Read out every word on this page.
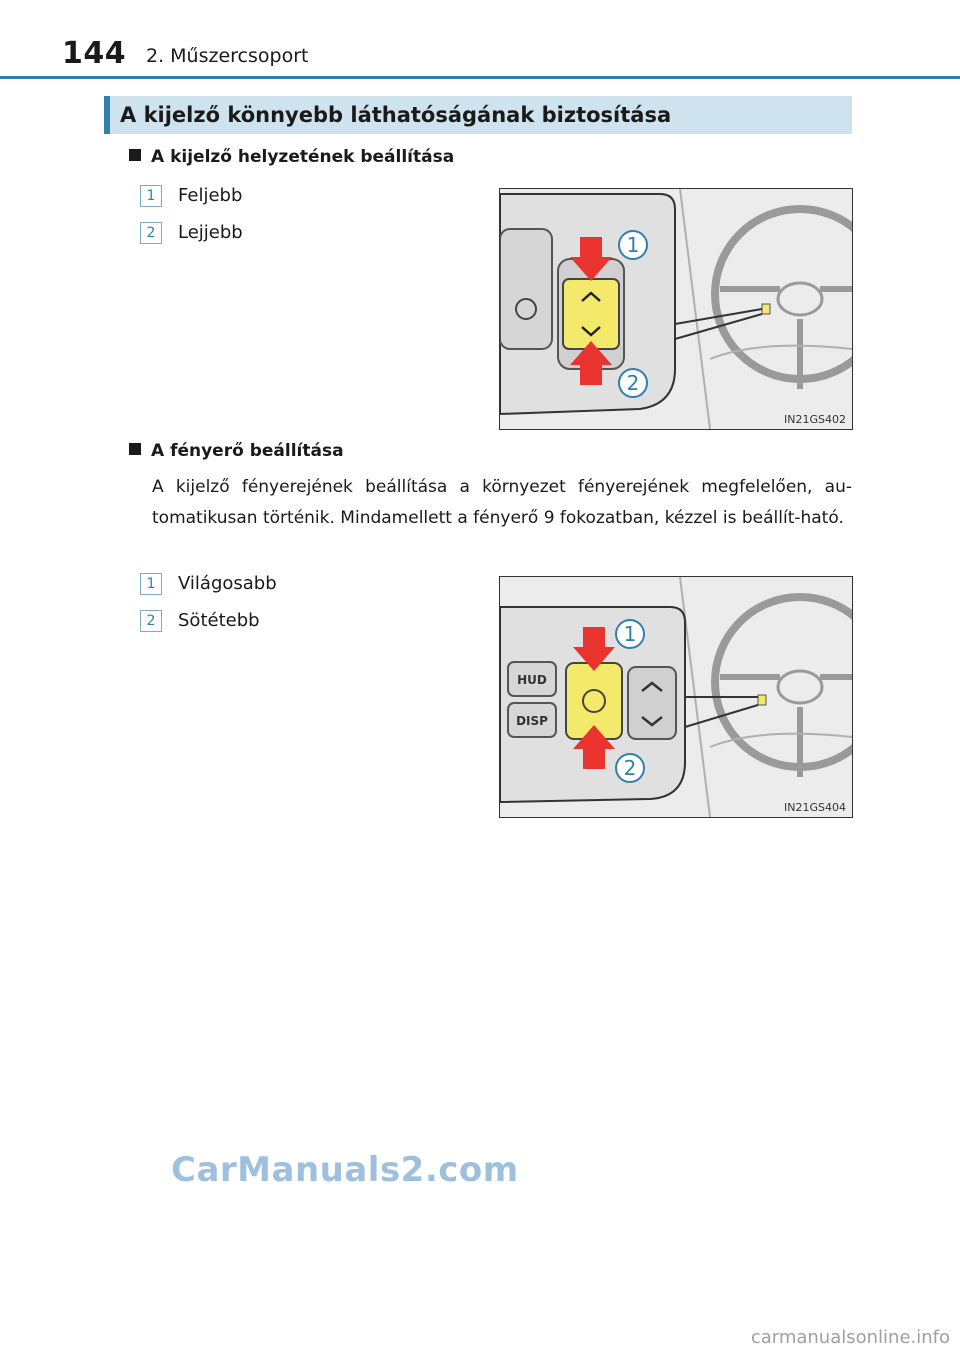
144 2. Műszercsoport
A kijelző könnyebb láthatóságának biztosítása
A kijelző helyzetének beállítása
1 Feljebb
2 Lejjebb
1
2
IN21GS402
A fényerő beállítása
A kijelző fényerejének beállítása a környezet fényerejének megfelelően, au-tomatikusan történik. Mindamellett a fényerő 9 fokozatban, kézzel is beállít-ható.
1 Világosabb
2 Sötétebb
HUD
DISP
1
2
IN21GS404
CarManuals2.com
carmanualsonline.info
